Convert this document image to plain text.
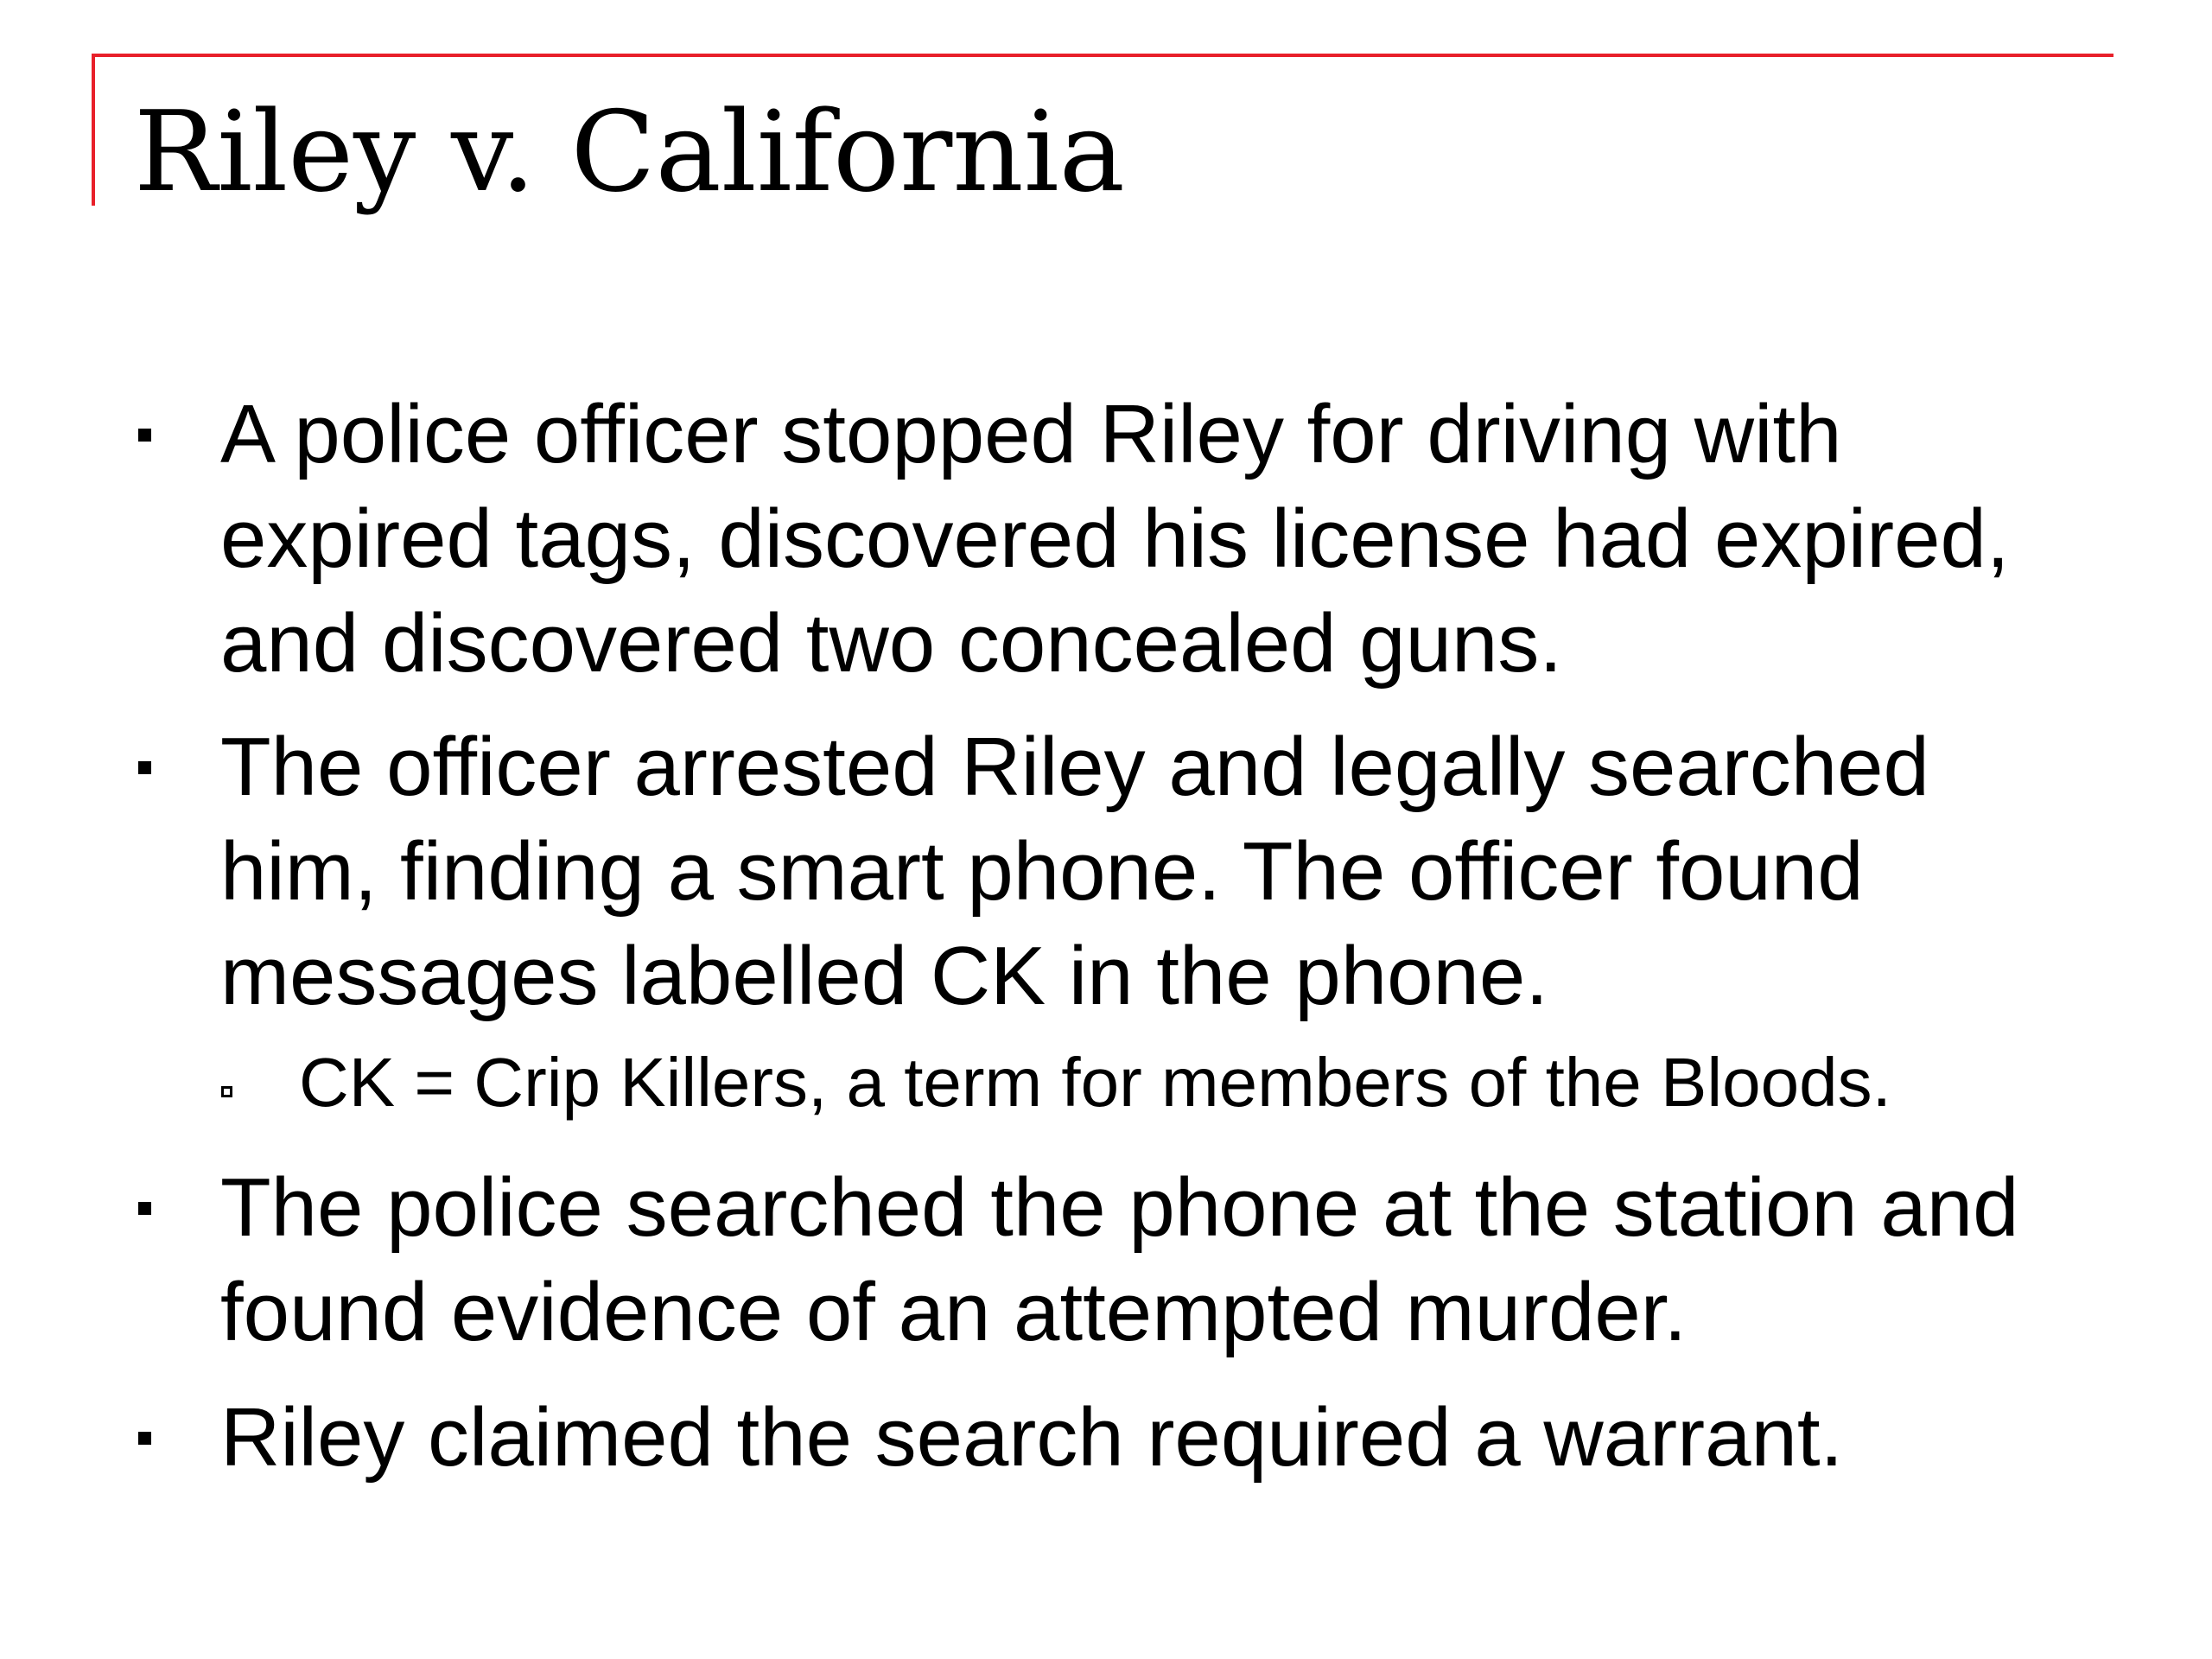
Riley v. California
A police officer stopped Riley for driving with expired tags, discovered his license had expired, and discovered two concealed guns.
The officer arrested Riley and legally searched him, finding a smart phone. The officer found messages labelled CK in the phone.
CK = Crip Killers, a term for members of the Bloods.
The police searched the phone at the station and found evidence of an attempted murder.
Riley claimed the search required a warrant.
